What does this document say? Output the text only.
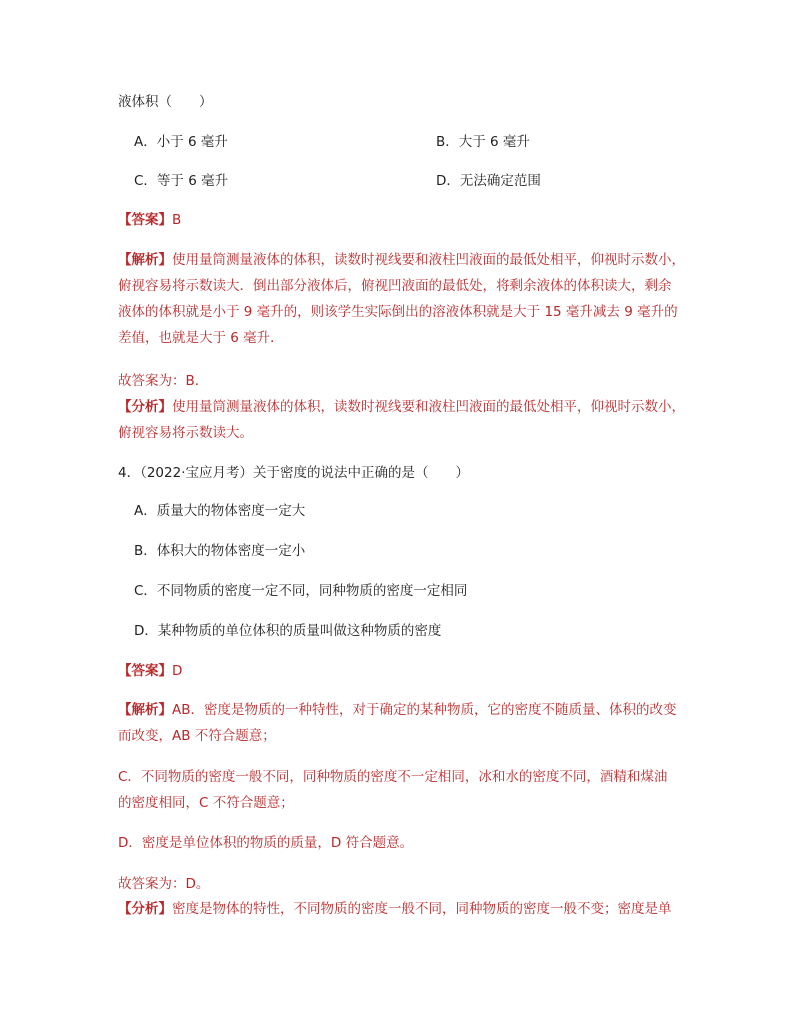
液体积（　　）
A．小于 6 毫升	B．大于 6 毫升
C．等于 6 毫升	D．无法确定范围
【答案】B
【解析】使用量筒测量液体的体积，读数时视线要和液柱凹液面的最低处相平，仰视时示数小，
俯视容易将示数读大．倒出部分液体后，俯视凹液面的最低处，将剩余液体的体积读大，剩余
液体的体积就是小于 9 毫升的，则该学生实际倒出的溶液体积就是大于 15 毫升减去 9 毫升的
差值，也就是大于 6 毫升．
故答案为：B．
【分析】使用量筒测量液体的体积，读数时视线要和液柱凹液面的最低处相平，仰视时示数小，
俯视容易将示数读大。
4．（2022·宝应月考）关于密度的说法中正确的是（　　）
A．质量大的物体密度一定大
B．体积大的物体密度一定小
C．不同物质的密度一定不同，同种物质的密度一定相同
D．某种物质的单位体积的质量叫做这种物质的密度
【答案】D
【解析】AB．密度是物质的一种特性，对于确定的某种物质，它的密度不随质量、体积的改变
而改变，AB 不符合题意；
C．不同物质的密度一般不同，同种物质的密度不一定相同，冰和水的密度不同，酒精和煤油
的密度相同，C 不符合题意；
D．密度是单位体积的物质的质量，D 符合题意。
故答案为：D。
【分析】密度是物体的特性，不同物质的密度一般不同，同种物质的密度一般不变；密度是单
